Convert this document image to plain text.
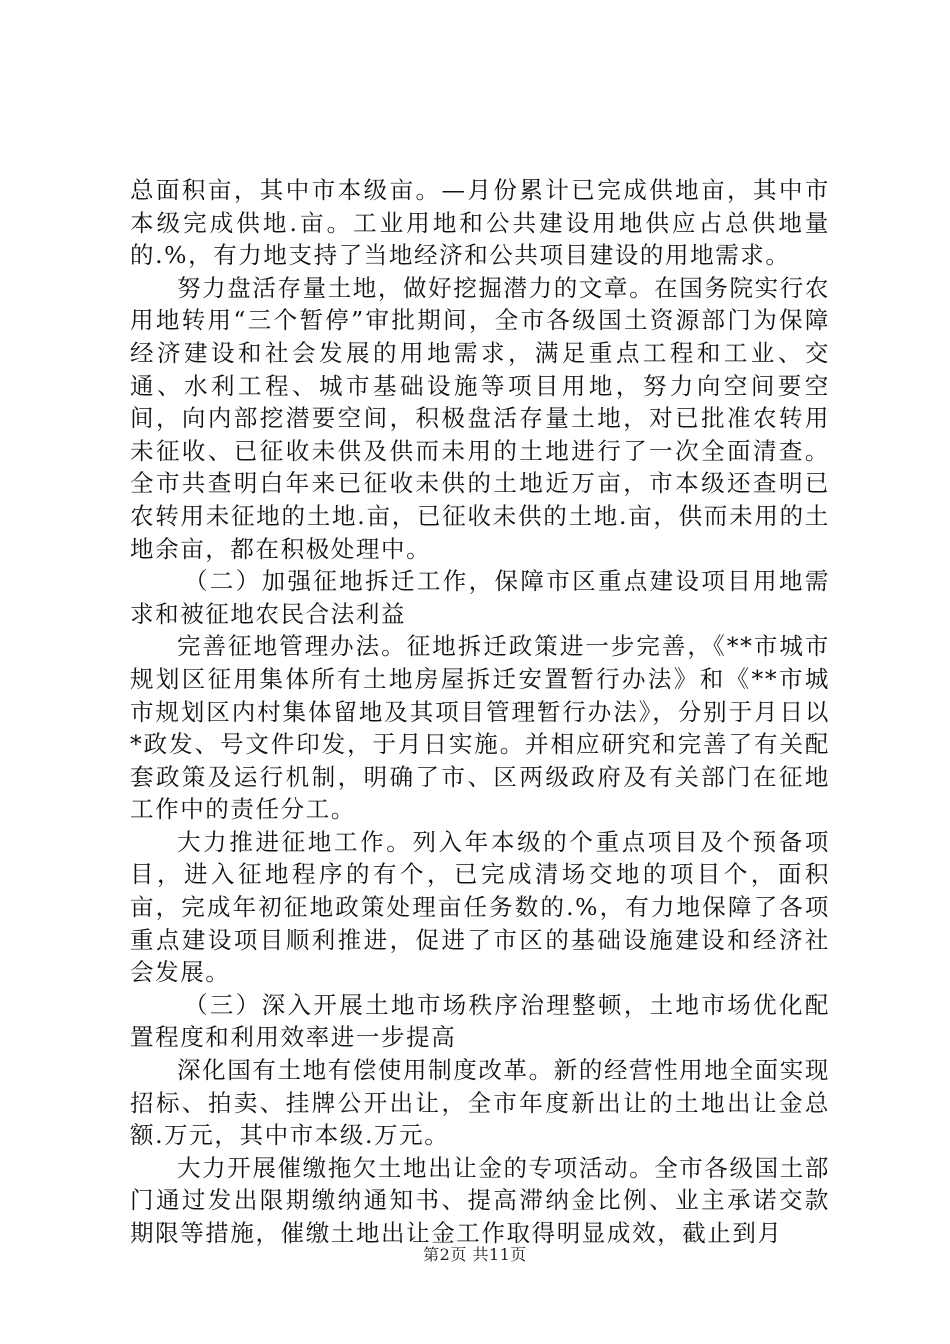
总面积亩，其中市本级亩。—月份累计已完成供地亩，其中市本级完成供地.亩。工业用地和公共建设用地供应占总供地量的.%，有力地支持了当地经济和公共项目建设的用地需求。

努力盘活存量土地，做好挖掘潜力的文章。在国务院实行农用地转用“三个暂停”审批期间，全市各级国土资源部门为保障经济建设和社会发展的用地需求，满足重点工程和工业、交通、水利工程、城市基础设施等项目用地，努力向空间要空间，向内部挖潜要空间，积极盘活存量土地，对已批准农转用未征收、已征收未供及供而未用的土地进行了一次全面清查。全市共查明白年来已征收未供的土地近万亩，市本级还查明已农转用未征地的土地.亩，已征收未供的土地.亩，供而未用的土地余亩，都在积极处理中。

（二）加强征地拆迁工作，保障市区重点建设项目用地需求和被征地农民合法利益

完善征地管理办法。征地拆迁政策进一步完善，《**市城市规划区征用集体所有土地房屋拆迁安置暂行办法》和《**市城市规划区内村集体留地及其项目管理暂行办法》，分别于月日以*政发、号文件印发，于月日实施。并相应研究和完善了有关配套政策及运行机制，明确了市、区两级政府及有关部门在征地工作中的责任分工。

大力推进征地工作。列入年本级的个重点项目及个预备项目，进入征地程序的有个，已完成清场交地的项目个，面积亩，完成年初征地政策处理亩任务数的.%，有力地保障了各项重点建设项目顺利推进，促进了市区的基础设施建设和经济社会发展。

（三）深入开展土地市场秩序治理整顿，土地市场优化配置程度和利用效率进一步提高

深化国有土地有偿使用制度改革。新的经营性用地全面实现招标、拍卖、挂牌公开出让，全市年度新出让的土地出让金总额.万元，其中市本级.万元。

大力开展催缴拖欠土地出让金的专项活动。全市各级国土部门通过发出限期缴纳通知书、提高滞纳金比例、业主承诺交款期限等措施，催缴土地出让金工作取得明显成效，截止到月

第2页 共11页
